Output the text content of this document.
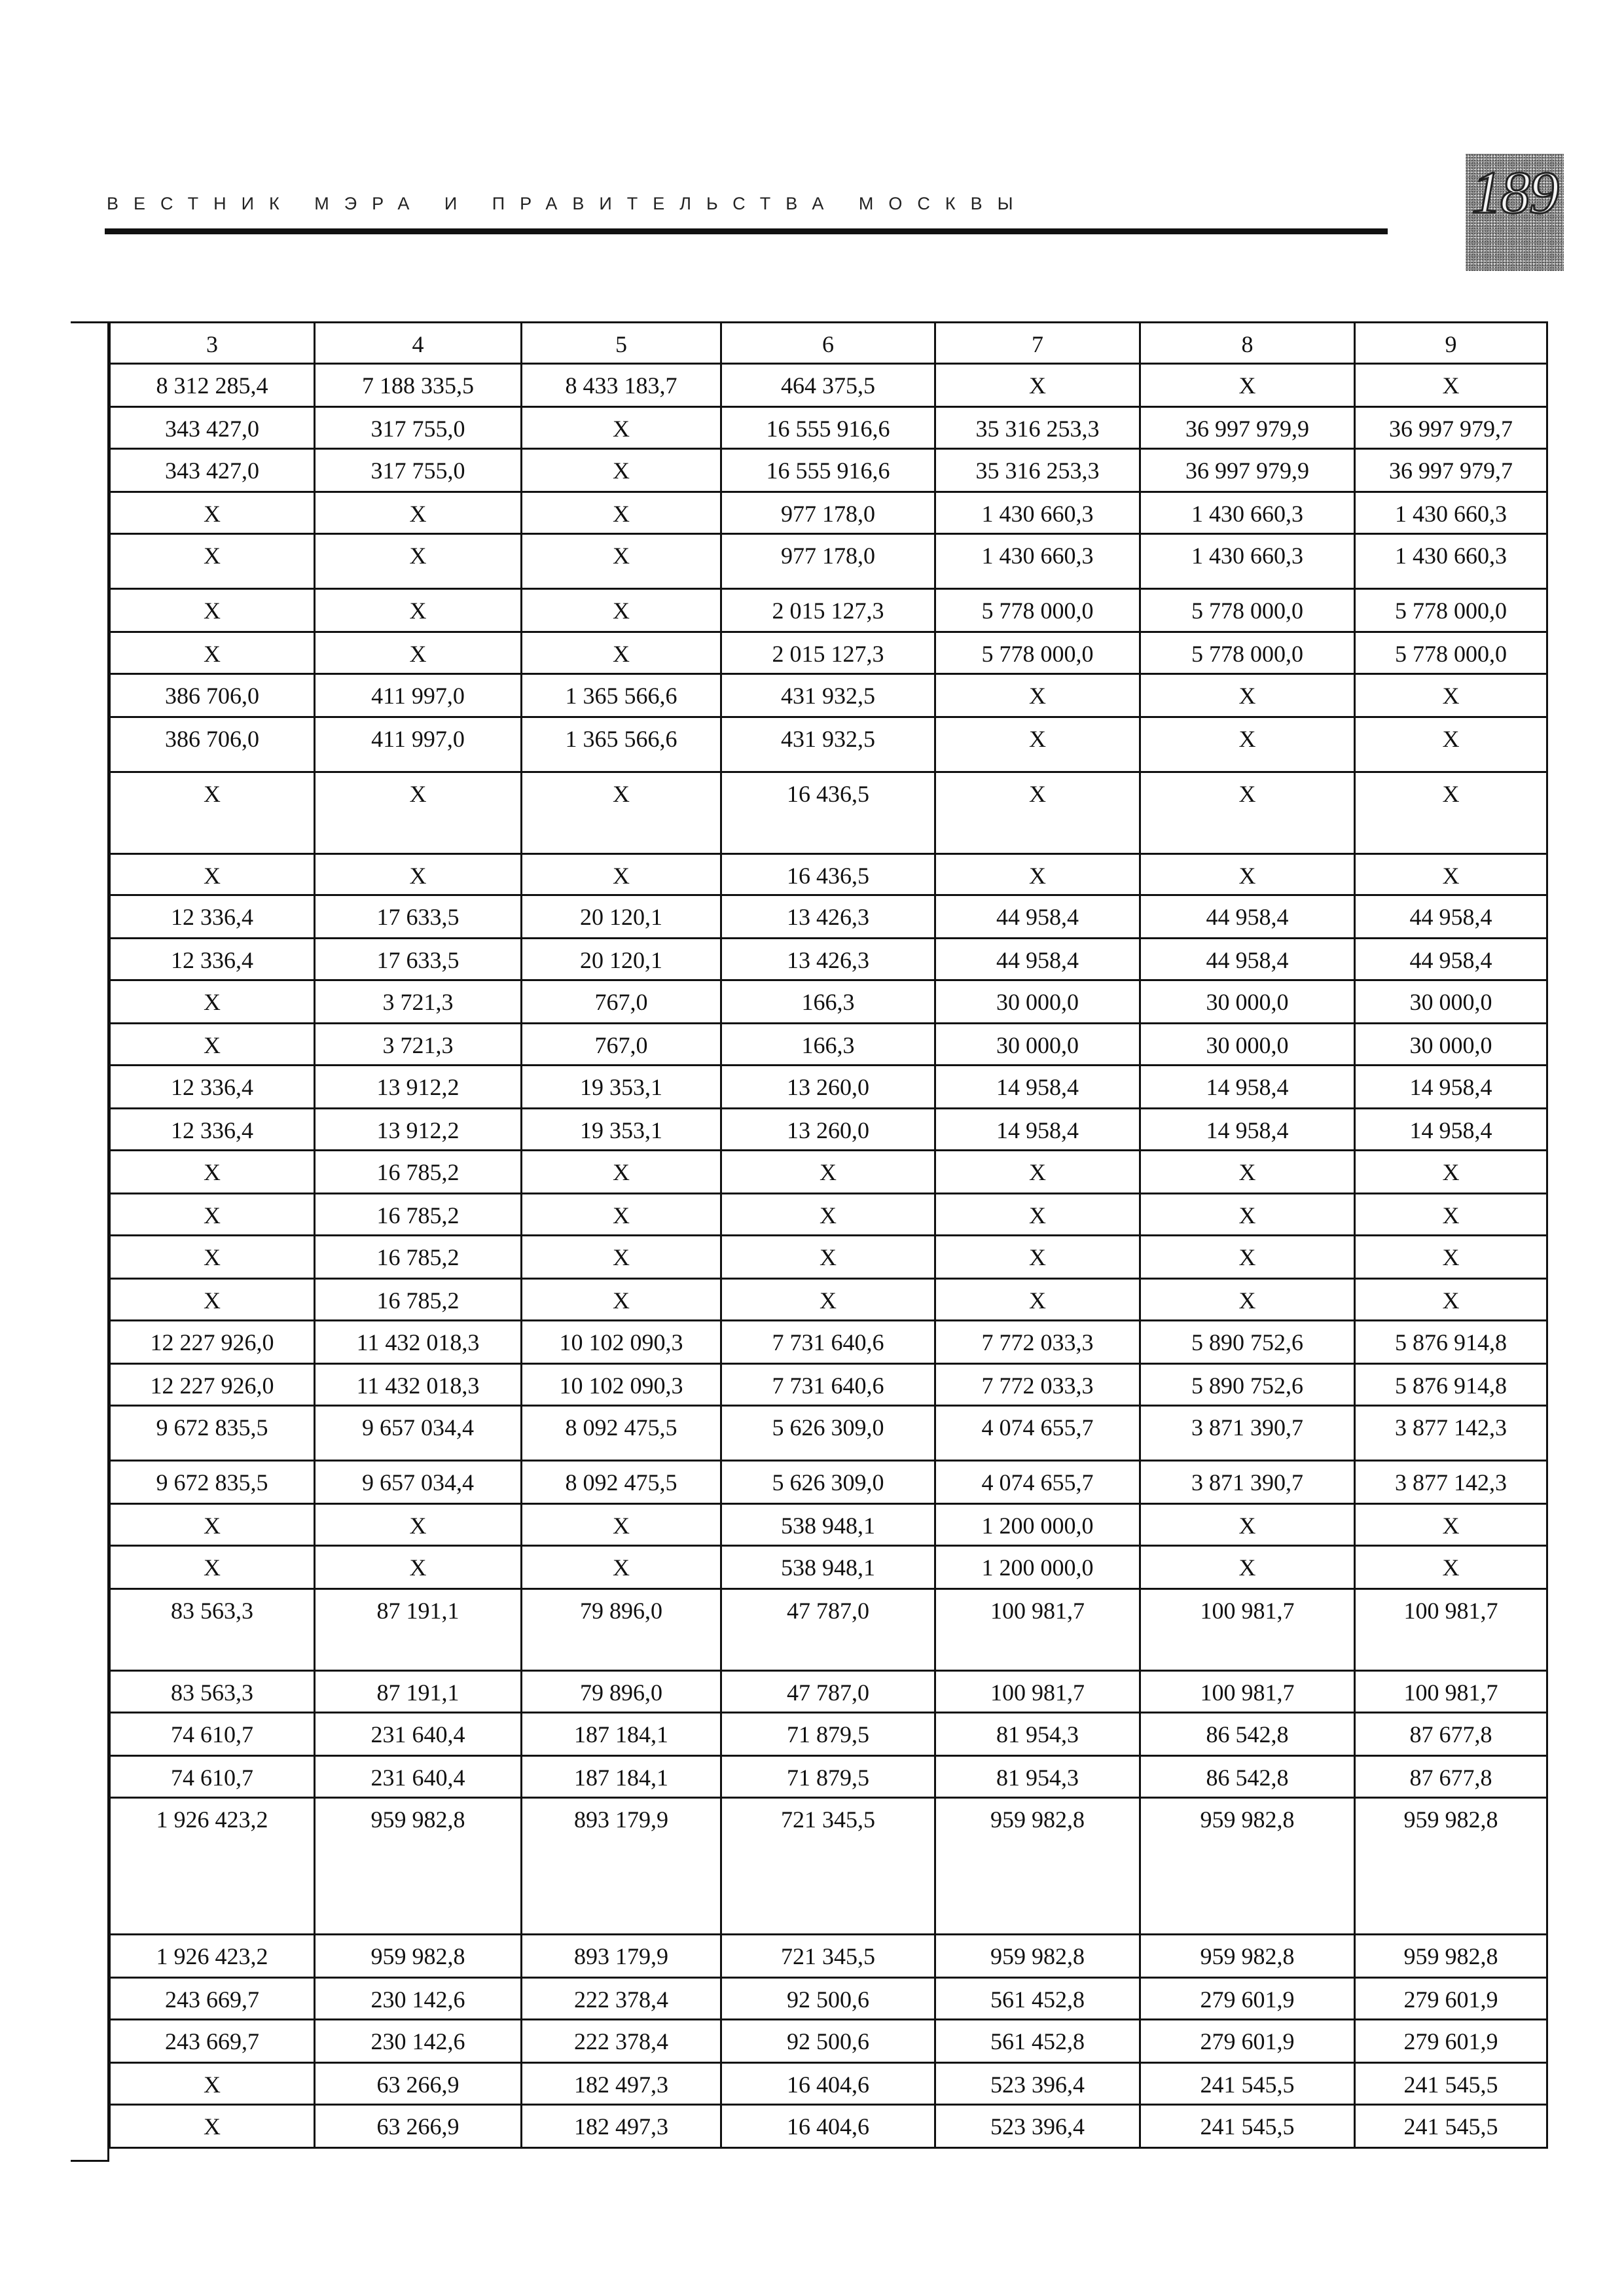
ВЕСТНИК МЭРА И ПРАВИТЕЛЬСТВА МОСКВЫ	189
3	4	5	6	7	8	9
8 312 285,4	7 188 335,5	8 433 183,7	464 375,5	X	X	X
343 427,0	317 755,0	X	16 555 916,6	35 316 253,3	36 997 979,9	36 997 979,7
343 427,0	317 755,0	X	16 555 916,6	35 316 253,3	36 997 979,9	36 997 979,7
X	X	X	977 178,0	1 430 660,3	1 430 660,3	1 430 660,3
X	X	X	977 178,0	1 430 660,3	1 430 660,3	1 430 660,3
X	X	X	2 015 127,3	5 778 000,0	5 778 000,0	5 778 000,0
X	X	X	2 015 127,3	5 778 000,0	5 778 000,0	5 778 000,0
386 706,0	411 997,0	1 365 566,6	431 932,5	X	X	X
386 706,0	411 997,0	1 365 566,6	431 932,5	X	X	X
X	X	X	16 436,5	X	X	X
X	X	X	16 436,5	X	X	X
12 336,4	17 633,5	20 120,1	13 426,3	44 958,4	44 958,4	44 958,4
12 336,4	17 633,5	20 120,1	13 426,3	44 958,4	44 958,4	44 958,4
X	3 721,3	767,0	166,3	30 000,0	30 000,0	30 000,0
X	3 721,3	767,0	166,3	30 000,0	30 000,0	30 000,0
12 336,4	13 912,2	19 353,1	13 260,0	14 958,4	14 958,4	14 958,4
12 336,4	13 912,2	19 353,1	13 260,0	14 958,4	14 958,4	14 958,4
X	16 785,2	X	X	X	X	X
X	16 785,2	X	X	X	X	X
X	16 785,2	X	X	X	X	X
X	16 785,2	X	X	X	X	X
12 227 926,0	11 432 018,3	10 102 090,3	7 731 640,6	7 772 033,3	5 890 752,6	5 876 914,8
12 227 926,0	11 432 018,3	10 102 090,3	7 731 640,6	7 772 033,3	5 890 752,6	5 876 914,8
9 672 835,5	9 657 034,4	8 092 475,5	5 626 309,0	4 074 655,7	3 871 390,7	3 877 142,3
9 672 835,5	9 657 034,4	8 092 475,5	5 626 309,0	4 074 655,7	3 871 390,7	3 877 142,3
X	X	X	538 948,1	1 200 000,0	X	X
X	X	X	538 948,1	1 200 000,0	X	X
83 563,3	87 191,1	79 896,0	47 787,0	100 981,7	100 981,7	100 981,7
83 563,3	87 191,1	79 896,0	47 787,0	100 981,7	100 981,7	100 981,7
74 610,7	231 640,4	187 184,1	71 879,5	81 954,3	86 542,8	87 677,8
74 610,7	231 640,4	187 184,1	71 879,5	81 954,3	86 542,8	87 677,8
1 926 423,2	959 982,8	893 179,9	721 345,5	959 982,8	959 982,8	959 982,8
1 926 423,2	959 982,8	893 179,9	721 345,5	959 982,8	959 982,8	959 982,8
243 669,7	230 142,6	222 378,4	92 500,6	561 452,8	279 601,9	279 601,9
243 669,7	230 142,6	222 378,4	92 500,6	561 452,8	279 601,9	279 601,9
X	63 266,9	182 497,3	16 404,6	523 396,4	241 545,5	241 545,5
X	63 266,9	182 497,3	16 404,6	523 396,4	241 545,5	241 545,5
